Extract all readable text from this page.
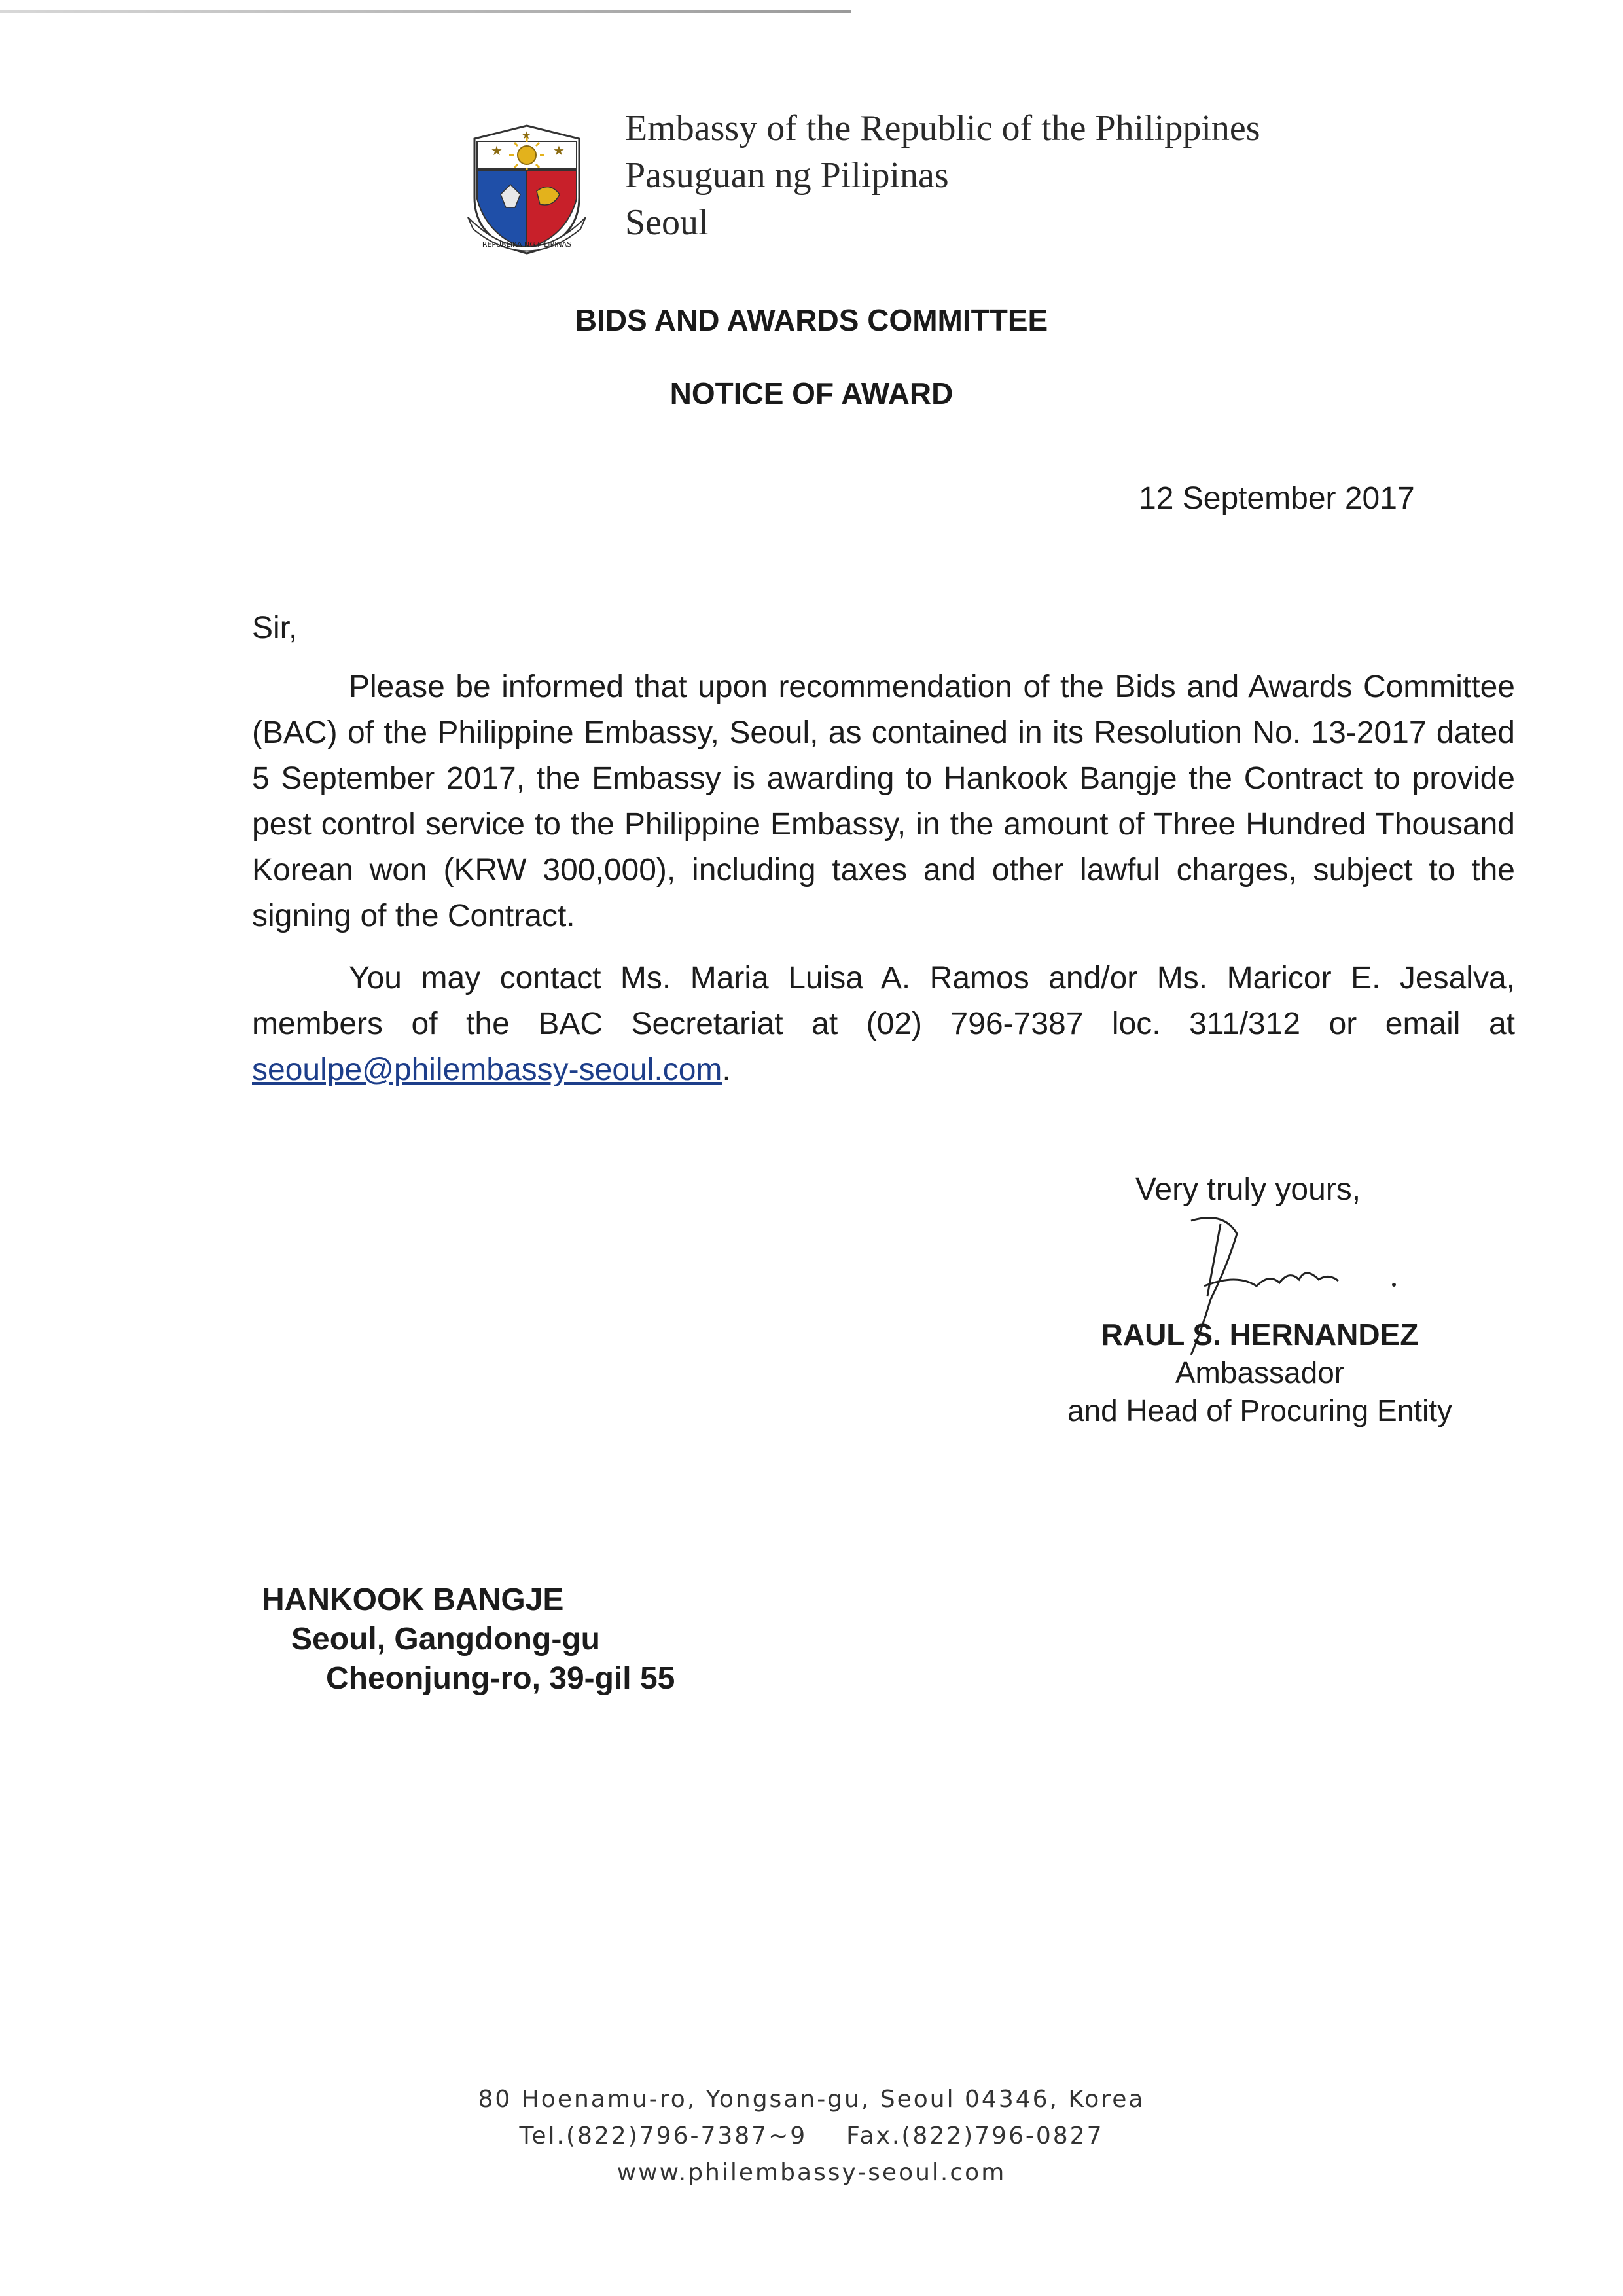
★	★
★
REPUBLIKA NG PILIPINAS
Embassy of the Republic of the Philippines
Pasuguan ng Pilipinas
Seoul
BIDS AND AWARDS COMMITTEE
NOTICE OF AWARD
12 September 2017
Sir,
Please be informed that upon recommendation of the Bids and Awards Committee (BAC) of the Philippine Embassy, Seoul, as contained in its Resolution No. 13-2017 dated 5 September 2017, the Embassy is awarding to Hankook Bangje the Contract to provide pest control service to the Philippine Embassy, in the amount of Three Hundred Thousand Korean won (KRW 300,000), including taxes and other lawful charges, subject to the signing of the Contract.
You may contact Ms. Maria Luisa A. Ramos and/or Ms. Maricor E. Jesalva, members of the BAC Secretariat at (02) 796-7387 loc. 311/312 or email at seoulpe@philembassy-seoul.com.
Very truly yours,
RAUL S. HERNANDEZ
Ambassador
and Head of Procuring Entity
HANKOOK BANGJE
Seoul, Gangdong-gu
Cheonjung-ro, 39-gil 55
80 Hoenamu-ro, Yongsan-gu, Seoul 04346, Korea
Tel.(822)796-7387~9 Fax.(822)796-0827
www.philembassy-seoul.com
